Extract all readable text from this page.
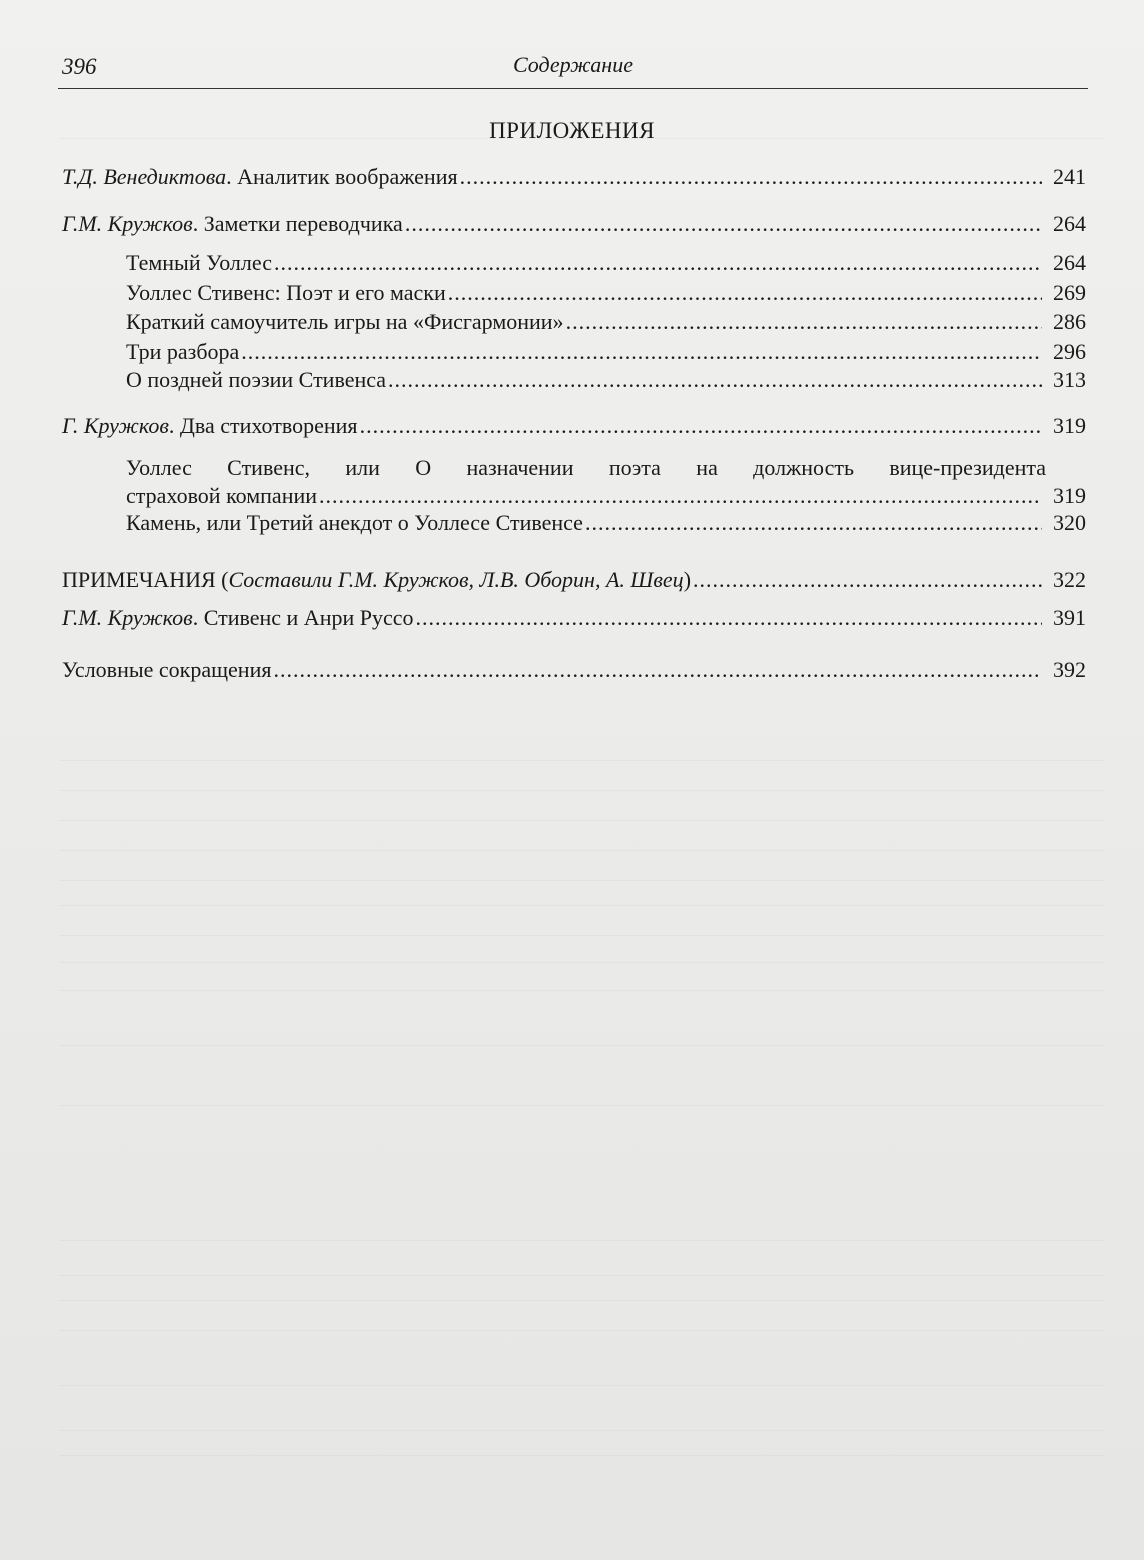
396	Содержание
ПРИЛОЖЕНИЯ
Т.Д. Венедиктова. Аналитик воображения .....	241
Г.М. Кружков. Заметки переводчика .....	264
Темный Уоллес .....	264
Уоллес Стивенс: Поэт и его маски .....	269
Краткий самоучитель игры на «Фисгармонии» .....	286
Три разбора .....	296
О поздней поэзии Стивенса .....	313
Г. Кружков. Два стихотворения .....	319
Уоллес Стивенс, или О назначении поэта на должность вице-президента
страховой компании .....	319
Камень, или Третий анекдот о Уоллесе Стивенсе .....	320
ПРИМЕЧАНИЯ (Составили Г.М. Кружков, Л.В. Оборин, А. Швец) .....	322
Г.М. Кружков. Стивенс и Анри Руссо .....	391
Условные сокращения .....	392
